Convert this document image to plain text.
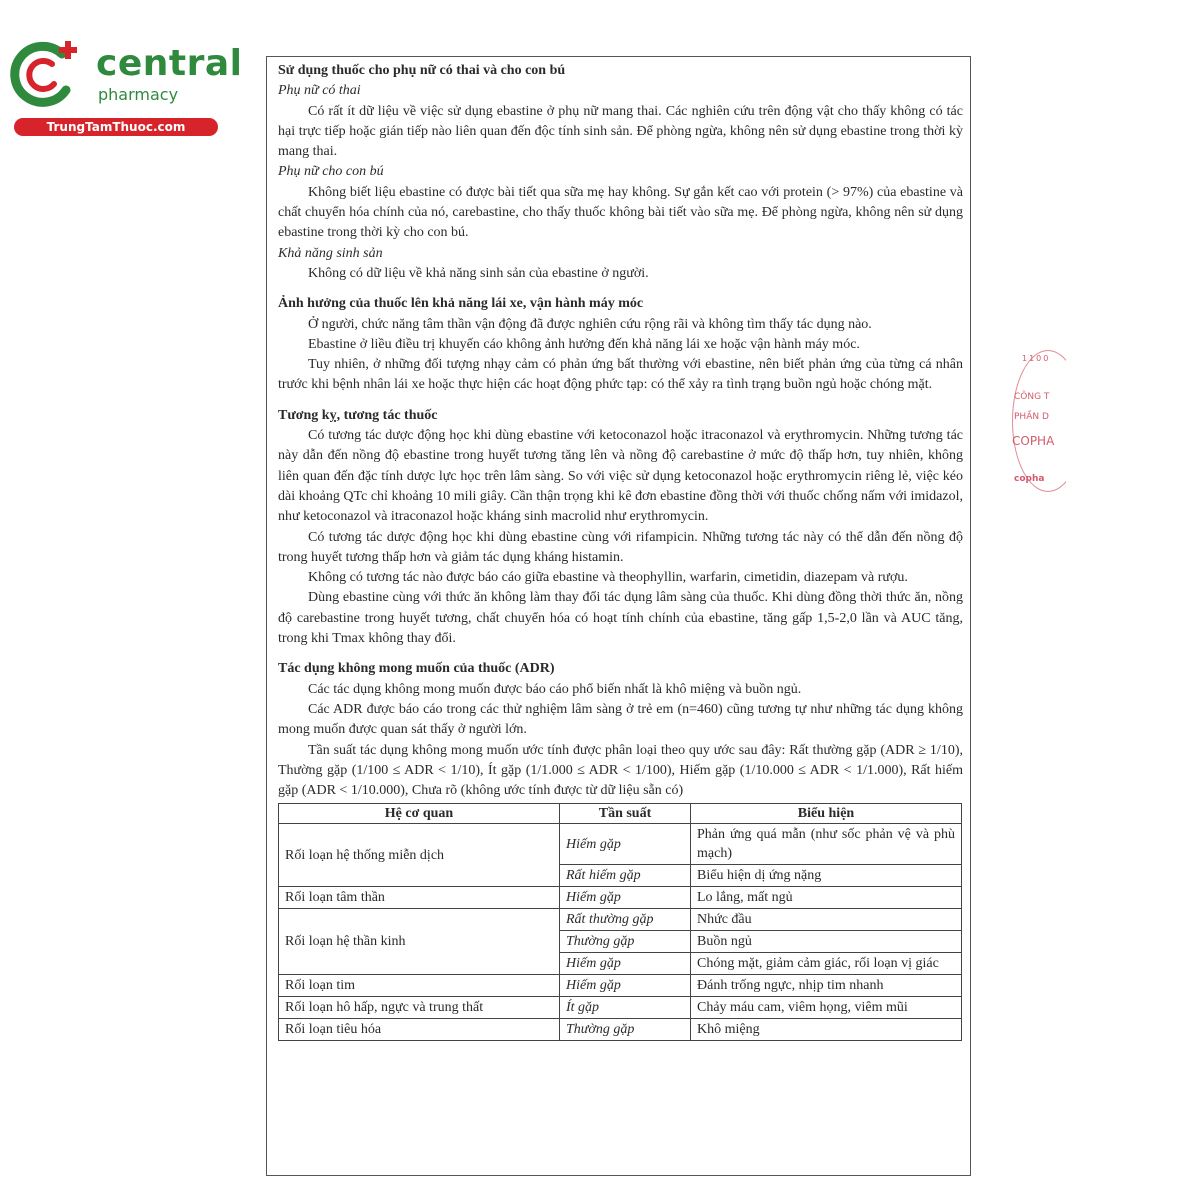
central
pharmacy
TrungTamThuoc.com
1100
CÔNG T
PHẦN D
COPHA
copha

Sử dụng thuốc cho phụ nữ có thai và cho con bú

Phụ nữ có thai

Có rất ít dữ liệu về việc sử dụng ebastine ở phụ nữ mang thai. Các nghiên cứu trên động vật cho thấy không có tác hại trực tiếp hoặc gián tiếp nào liên quan đến độc tính sinh sản. Để phòng ngừa, không nên sử dụng ebastine trong thời kỳ mang thai.

Phụ nữ cho con bú

Không biết liệu ebastine có được bài tiết qua sữa mẹ hay không. Sự gắn kết cao với protein (> 97%) của ebastine và chất chuyển hóa chính của nó, carebastine, cho thấy thuốc không bài tiết vào sữa mẹ. Để phòng ngừa, không nên sử dụng ebastine trong thời kỳ cho con bú.

Khả năng sinh sản

Không có dữ liệu về khả năng sinh sản của ebastine ở người.

Ảnh hưởng của thuốc lên khả năng lái xe, vận hành máy móc

Ở người, chức năng tâm thần vận động đã được nghiên cứu rộng rãi và không tìm thấy tác dụng nào.

Ebastine ở liều điều trị khuyến cáo không ảnh hưởng đến khả năng lái xe hoặc vận hành máy móc.

Tuy nhiên, ở những đối tượng nhạy cảm có phản ứng bất thường với ebastine, nên biết phản ứng của từng cá nhân trước khi bệnh nhân lái xe hoặc thực hiện các hoạt động phức tạp: có thể xảy ra tình trạng buồn ngủ hoặc chóng mặt.

Tương kỵ, tương tác thuốc

Có tương tác dược động học khi dùng ebastine với ketoconazol hoặc itraconazol và erythromycin. Những tương tác này dẫn đến nồng độ ebastine trong huyết tương tăng lên và nồng độ carebastine ở mức độ thấp hơn, tuy nhiên, không liên quan đến đặc tính dược lực học trên lâm sàng. So với việc sử dụng ketoconazol hoặc erythromycin riêng lẻ, việc kéo dài khoảng QTc chỉ khoảng 10 mili giây. Cần thận trọng khi kê đơn ebastine đồng thời với thuốc chống nấm với imidazol, như ketoconazol và itraconazol hoặc kháng sinh macrolid như erythromycin.

Có tương tác dược động học khi dùng ebastine cùng với rifampicin. Những tương tác này có thể dẫn đến nồng độ trong huyết tương thấp hơn và giảm tác dụng kháng histamin.

Không có tương tác nào được báo cáo giữa ebastine và theophyllin, warfarin, cimetidin, diazepam và rượu.

Dùng ebastine cùng với thức ăn không làm thay đổi tác dụng lâm sàng của thuốc. Khi dùng đồng thời thức ăn, nồng độ carebastine trong huyết tương, chất chuyển hóa có hoạt tính chính của ebastine, tăng gấp 1,5-2,0 lần và AUC tăng, trong khi Tmax không thay đổi.

Tác dụng không mong muốn của thuốc (ADR)

Các tác dụng không mong muốn được báo cáo phổ biến nhất là khô miệng và buồn ngủ.

Các ADR được báo cáo trong các thử nghiệm lâm sàng ở trẻ em (n=460) cũng tương tự như những tác dụng không mong muốn được quan sát thấy ở người lớn.

Tần suất tác dụng không mong muốn ước tính được phân loại theo quy ước sau đây: Rất thường gặp (ADR ≥ 1/10), Thường gặp (1/100 ≤ ADR < 1/10), Ít gặp (1/1.000 ≤ ADR < 1/100), Hiếm gặp (1/10.000 ≤ ADR < 1/1.000), Rất hiếm gặp (ADR < 1/10.000), Chưa rõ (không ước tính được từ dữ liệu sẵn có)

Hệ cơ quan	Tần suất	Biểu hiện
Rối loạn hệ thống miễn dịch	Hiếm gặp	Phản ứng quá mẫn (như sốc phản vệ và phù mạch)
	Rất hiếm gặp	Biểu hiện dị ứng nặng
Rối loạn tâm thần	Hiếm gặp	Lo lắng, mất ngủ
Rối loạn hệ thần kinh	Rất thường gặp	Nhức đầu
	Thường gặp	Buồn ngủ
	Hiếm gặp	Chóng mặt, giảm cảm giác, rối loạn vị giác
Rối loạn tim	Hiếm gặp	Đánh trống ngực, nhịp tim nhanh
Rối loạn hô hấp, ngực và trung thất	Ít gặp	Chảy máu cam, viêm họng, viêm mũi
Rối loạn tiêu hóa	Thường gặp	Khô miệng
